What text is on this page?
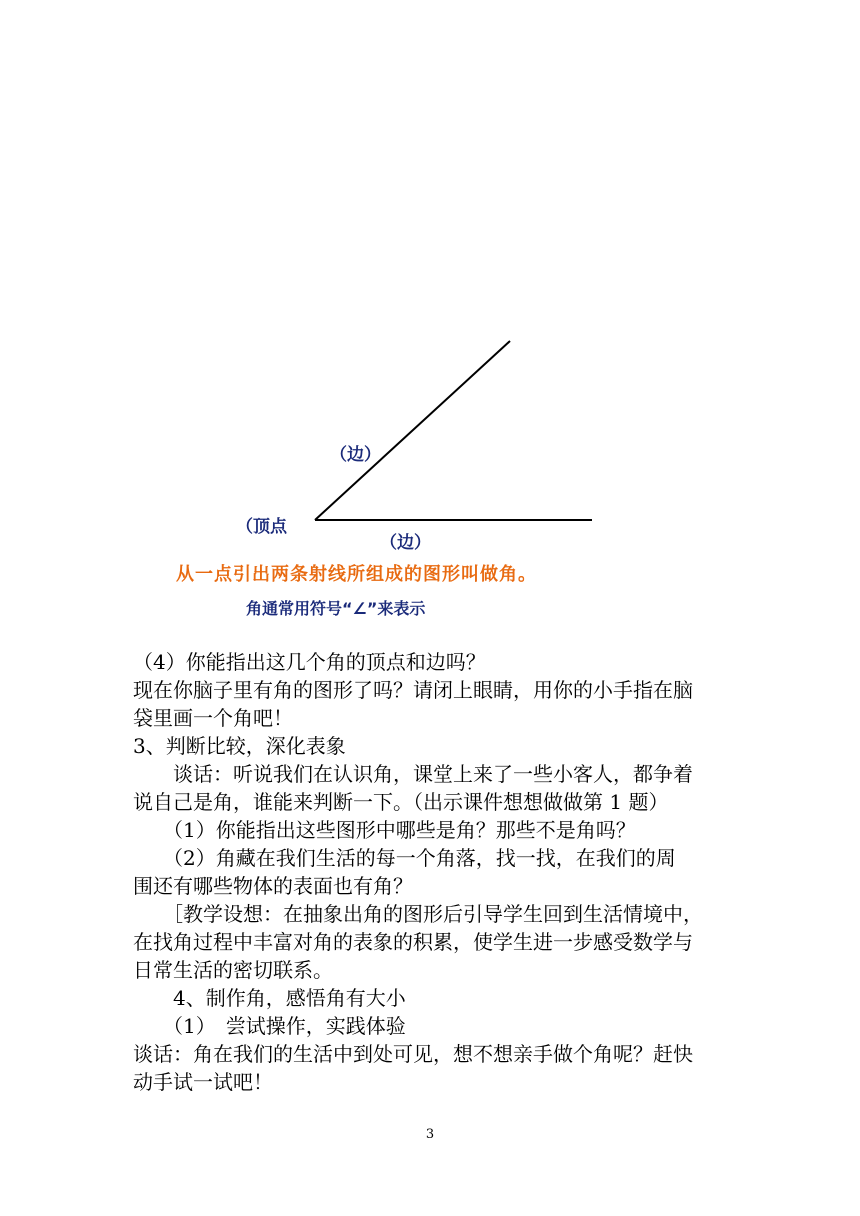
（边）
（顶点
（边）
从一点引出两条射线所组成的图形叫做角。
角通常用符号“∠”来表示
（4）你能指出这几个角的顶点和边吗？
现在你脑子里有角的图形了吗？请闭上眼睛，用你的小手指在脑
袋里画一个角吧！
3、判断比较，深化表象
　　谈话：听说我们在认识角，课堂上来了一些小客人，都争着
说自己是角，谁能来判断一下。（出示课件想想做做第 1 题）
　　（1）你能指出这些图形中哪些是角？那些不是角吗？
　　（2）角藏在我们生活的每一个角落，找一找，在我们的周
围还有哪些物体的表面也有角？
　　［教学设想：在抽象出角的图形后引导学生回到生活情境中，
在找角过程中丰富对角的表象的积累，使学生进一步感受数学与
日常生活的密切联系。
　　4、制作角，感悟角有大小
　　（1）　尝试操作，实践体验
谈话：角在我们的生活中到处可见，想不想亲手做个角呢？赶快
动手试一试吧！
3
